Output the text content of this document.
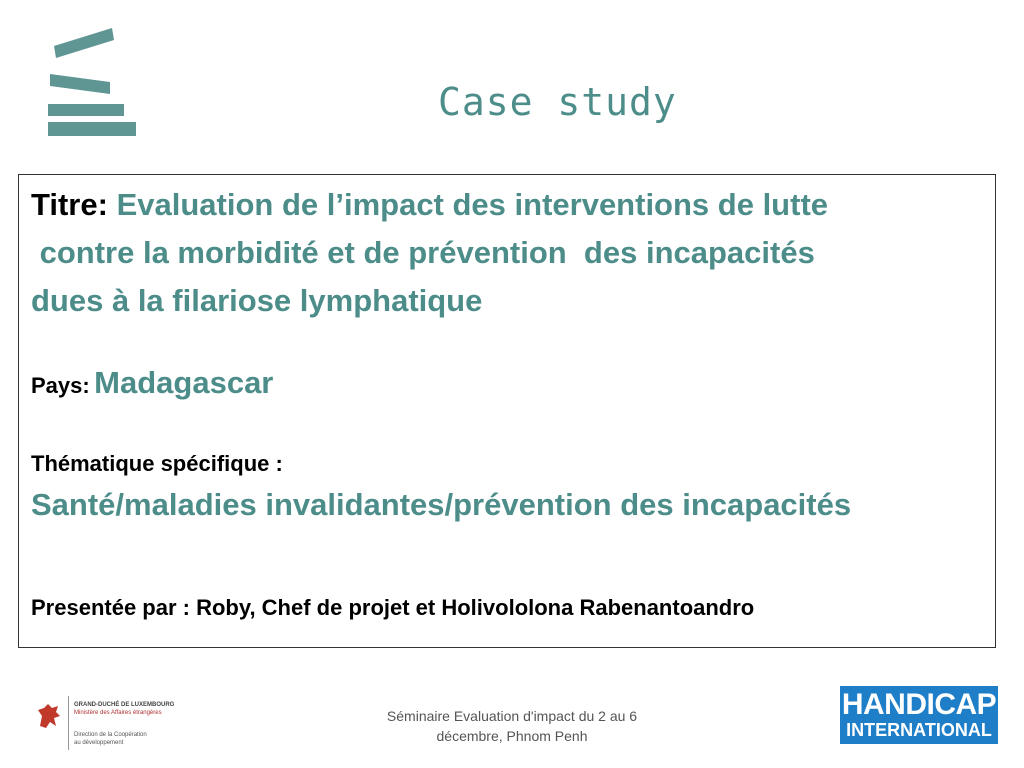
Case study
Titre: Evaluation de l’impact des interventions de lutte
contre la morbidité et de prévention  des incapacités
dues à la filariose lymphatique
Pays: Madagascar
Thématique spécifique :
Santé/maladies invalidantes/prévention des incapacités
Presentée par : Roby, Chef de projet et Holivololona Rabenantoandro
GRAND-DUCHÉ DE LUXEMBOURG
Ministère des Affaires étrangères
Direction de la Coopération
au développement
Séminaire Evaluation d'impact du 2 au 6
décembre, Phnom Penh
HANDICAP
INTERNATIONAL
